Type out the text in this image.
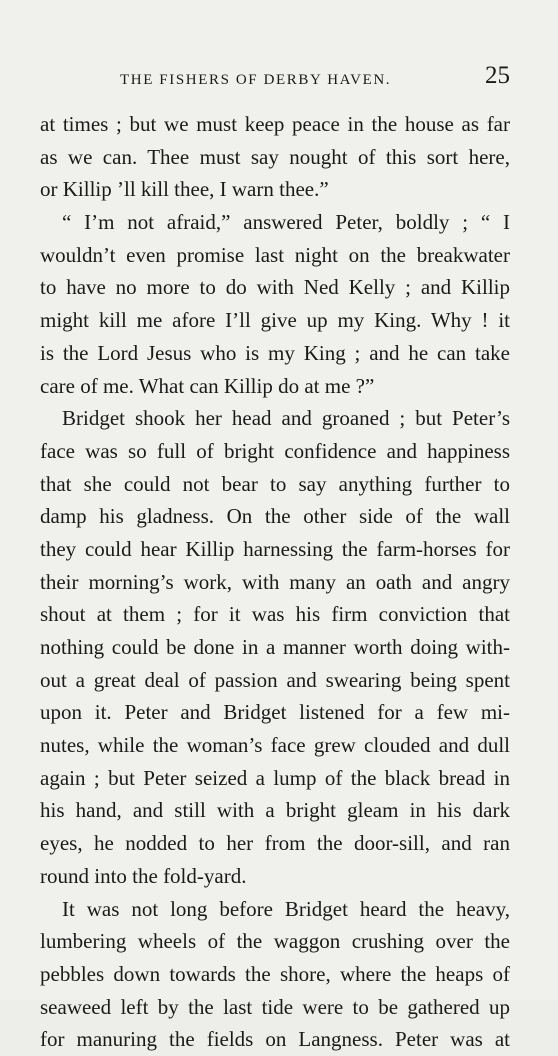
THE FISHERS OF DERBY HAVEN.	25
at times ; but we must keep peace in the house as far
as we can. Thee must say nought of this sort here,
or Killip ’ll kill thee, I warn thee.”
“ I’m not afraid,” answered Peter, boldly ; “ I
wouldn’t even promise last night on the breakwater
to have no more to do with Ned Kelly ; and Killip
might kill me afore I’ll give up my King. Why ! it
is the Lord Jesus who is my King ; and he can take
care of me. What can Killip do at me ?”
Bridget shook her head and groaned ; but Peter’s
face was so full of bright confidence and happiness
that she could not bear to say anything further to
damp his gladness. On the other side of the wall
they could hear Killip harnessing the farm-horses for
their morning’s work, with many an oath and angry
shout at them ; for it was his firm conviction that
nothing could be done in a manner worth doing with-
out a great deal of passion and swearing being spent
upon it. Peter and Bridget listened for a few mi-
nutes, while the woman’s face grew clouded and dull
again ; but Peter seized a lump of the black bread in
his hand, and still with a bright gleam in his dark
eyes, he nodded to her from the door-sill, and ran
round into the fold-yard.
It was not long before Bridget heard the heavy,
lumbering wheels of the waggon crushing over the
pebbles down towards the shore, where the heaps of
seaweed left by the last tide were to be gathered up
for manuring the fields on Langness. Peter was at
